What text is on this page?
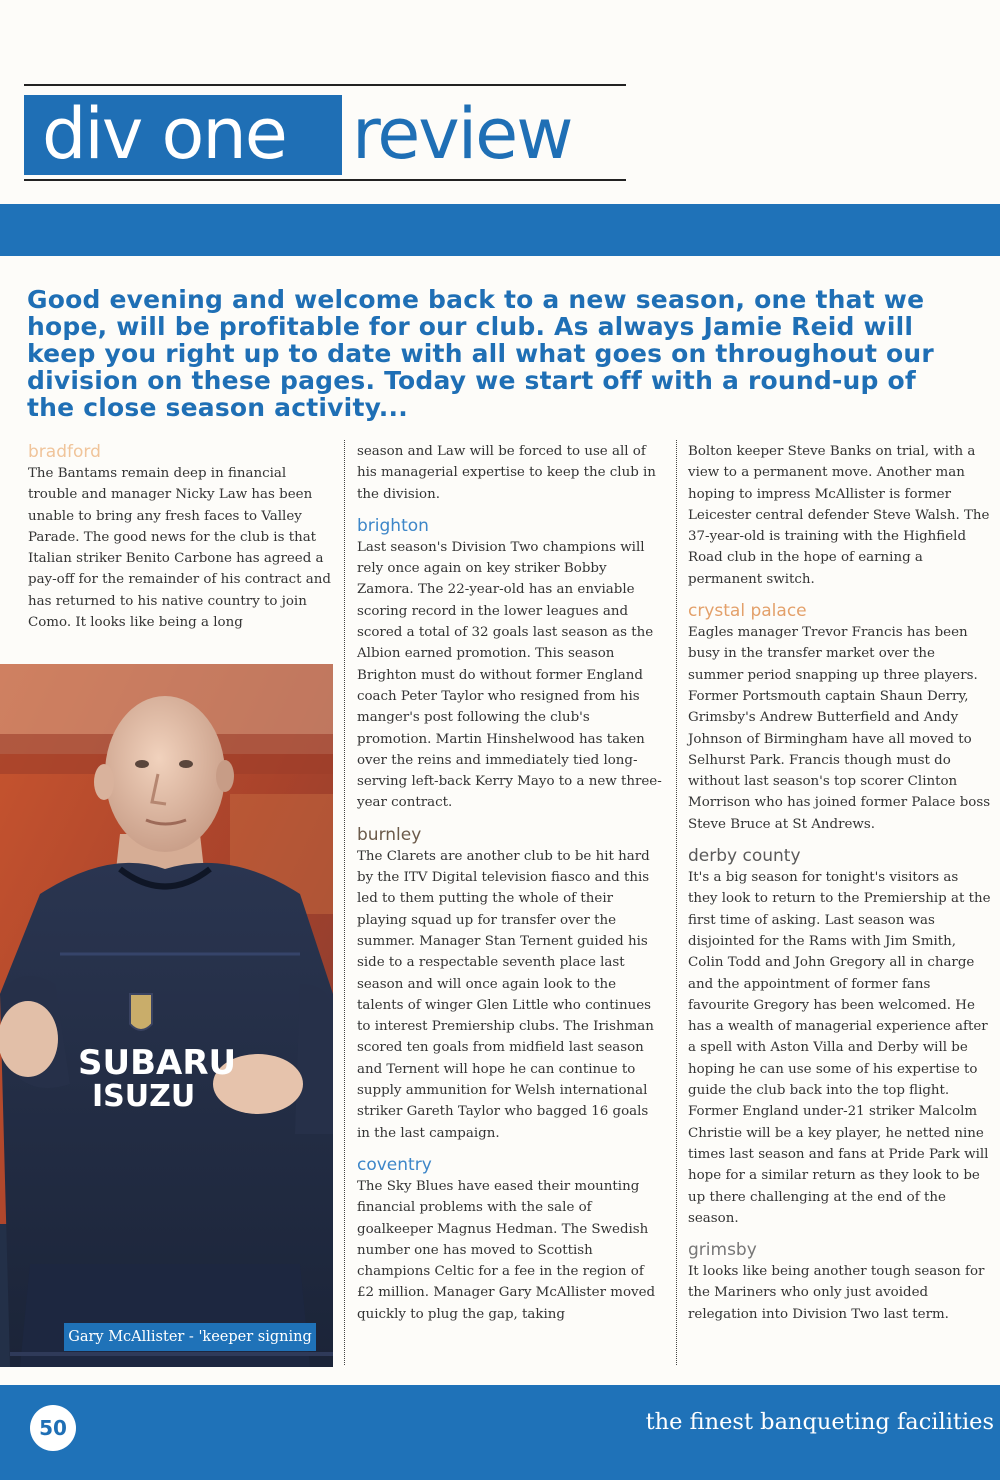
div one review

Good evening and welcome back to a new season, one that we hope, will be profitable for our club. As always Jamie Reid will keep you right up to date with all what goes on throughout our division on these pages. Today we start off with a round-up of the close season activity...

bradford

The Bantams remain deep in financial trouble and manager Nicky Law has been unable to bring any fresh faces to Valley Parade. The good news for the club is that Italian striker Benito Carbone has agreed a pay-off for the remainder of his contract and has returned to his native country to join Como. It looks like being a long

season and Law will be forced to use all of his managerial expertise to keep the club in the division.

brighton

Last season's Division Two champions will rely once again on key striker Bobby Zamora. The 22-year-old has an enviable scoring record in the lower leagues and scored a total of 32 goals last season as the Albion earned promotion. This season Brighton must do without former England coach Peter Taylor who resigned from his manger's post following the club's promotion. Martin Hinshelwood has taken over the reins and immediately tied long-serving left-back Kerry Mayo to a new three-year contract.

burnley

The Clarets are another club to be hit hard by the ITV Digital television fiasco and this led to them putting the whole of their playing squad up for transfer over the summer. Manager Stan Ternent guided his side to a respectable seventh place last season and will once again look to the talents of winger Glen Little who continues to interest Premiership clubs. The Irishman scored ten goals from midfield last season and Ternent will hope he can continue to supply ammunition for Welsh international striker Gareth Taylor who bagged 16 goals in the last campaign.

coventry

The Sky Blues have eased their mounting financial problems with the sale of goalkeeper Magnus Hedman. The Swedish number one has moved to Scottish champions Celtic for a fee in the region of £2 million. Manager Gary McAllister moved quickly to plug the gap, taking

Bolton keeper Steve Banks on trial, with a view to a permanent move. Another man hoping to impress McAllister is former Leicester central defender Steve Walsh. The 37-year-old is training with the Highfield Road club in the hope of earning a permanent switch.

crystal palace

Eagles manager Trevor Francis has been busy in the transfer market over the summer period snapping up three players. Former Portsmouth captain Shaun Derry, Grimsby's Andrew Butterfield and Andy Johnson of Birmingham have all moved to Selhurst Park. Francis though must do without last season's top scorer Clinton Morrison who has joined former Palace boss Steve Bruce at St Andrews.

derby county

It's a big season for tonight's visitors as they look to return to the Premiership at the first time of asking. Last season was disjointed for the Rams with Jim Smith, Colin Todd and John Gregory all in charge and the appointment of former fans favourite Gregory has been welcomed. He has a wealth of managerial experience after a spell with Aston Villa and Derby will be hoping he can use some of his expertise to guide the club back into the top flight. Former England under-21 striker Malcolm Christie will be a key player, he netted nine times last season and fans at Pride Park will hope for a similar return as they look to be up there challenging at the end of the season.

grimsby

It looks like being another tough season for the Mariners who only just avoided relegation into Division Two last term.

SUBARU
ISUZU
Gary McAllister - 'keeper signing
50	the finest banqueting facilities
